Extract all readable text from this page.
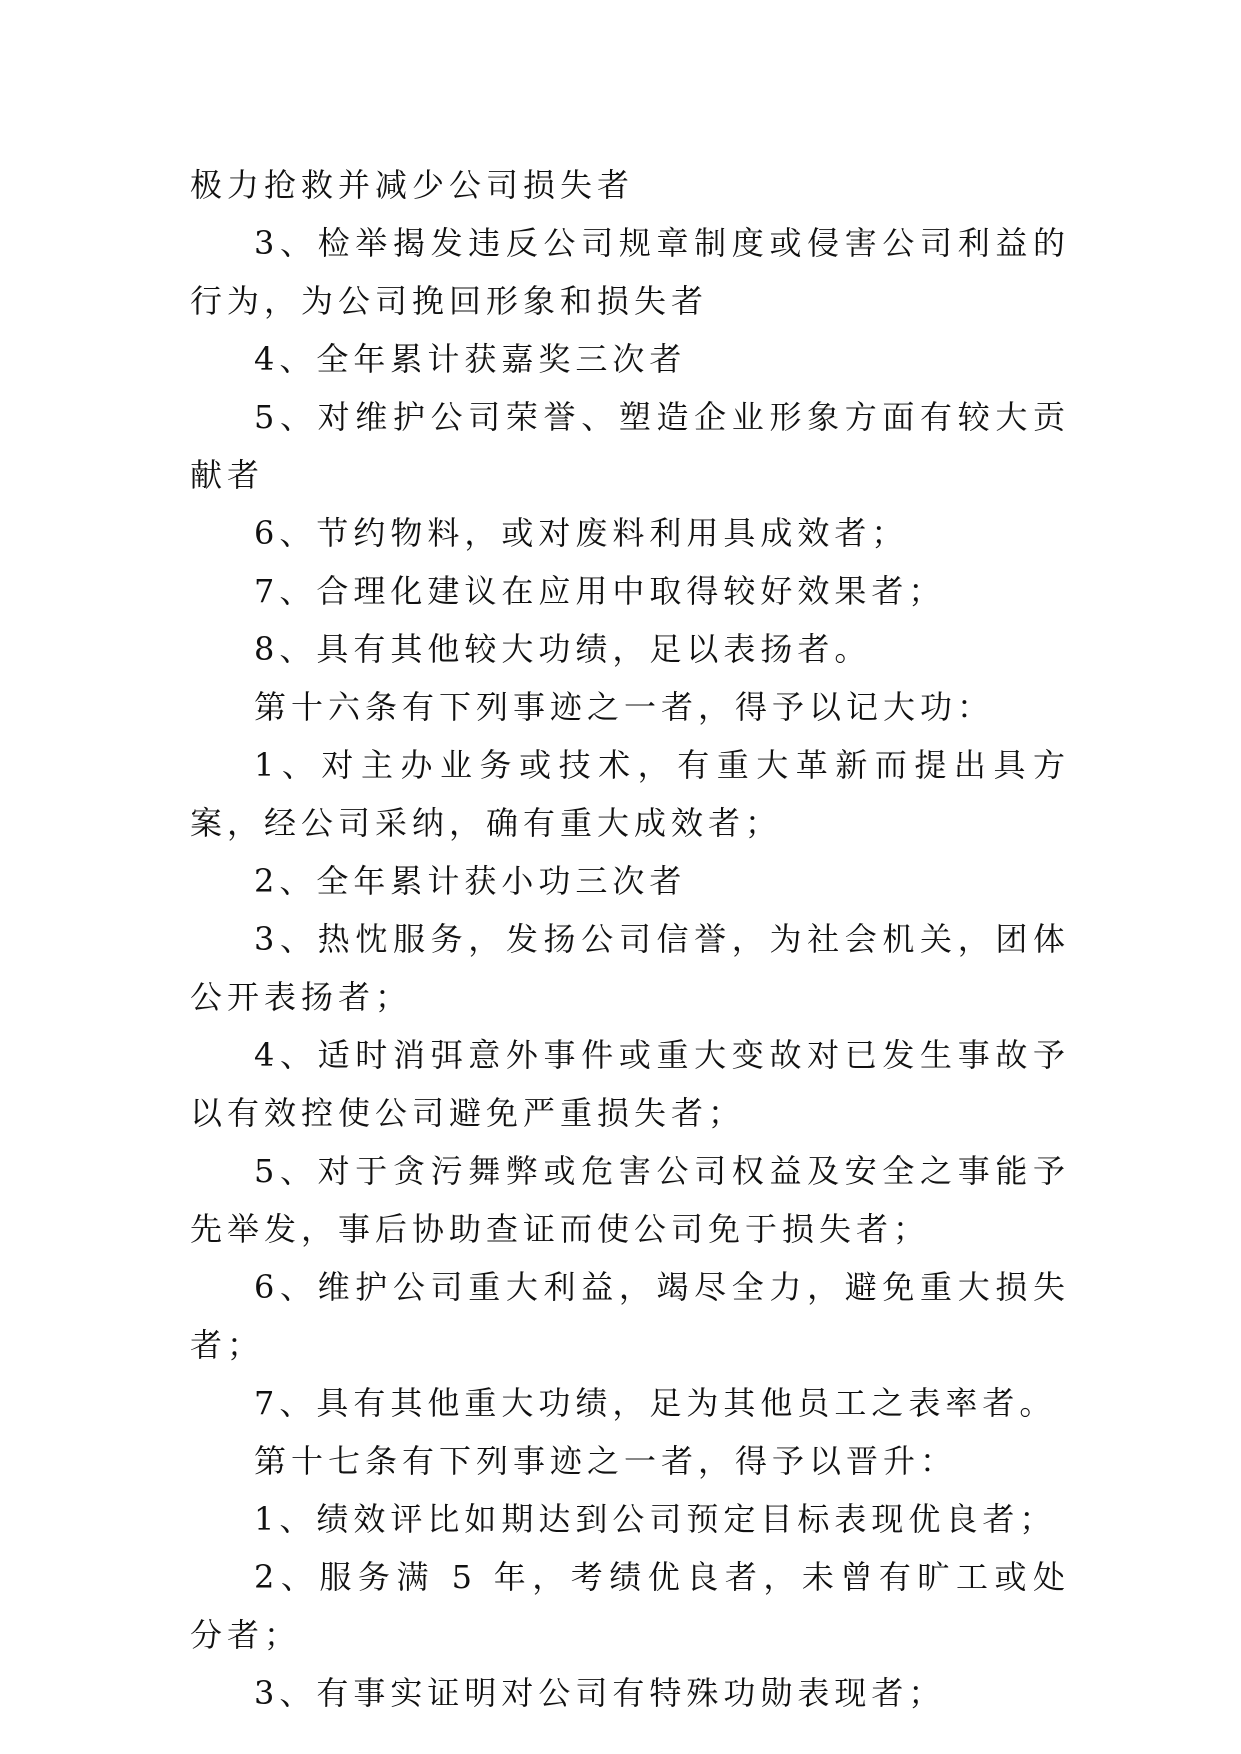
极力抢救并减少公司损失者

3、检举揭发违反公司规章制度或侵害公司利益的行为，为公司挽回形象和损失者

4、全年累计获嘉奖三次者

5、对维护公司荣誉、塑造企业形象方面有较大贡献者

6、节约物料，或对废料利用具成效者；

7、合理化建议在应用中取得较好效果者；

8、具有其他较大功绩，足以表扬者。

第十六条有下列事迹之一者，得予以记大功：

1、对主办业务或技术，有重大革新而提出具方案，经公司采纳，确有重大成效者；

2、全年累计获小功三次者

3、热忱服务，发扬公司信誉，为社会机关，团体公开表扬者；

4、适时消弭意外事件或重大变故对已发生事故予以有效控使公司避免严重损失者；

5、对于贪污舞弊或危害公司权益及安全之事能予先举发，事后协助查证而使公司免于损失者；

6、维护公司重大利益，竭尽全力，避免重大损失者；

7、具有其他重大功绩，足为其他员工之表率者。

第十七条有下列事迹之一者，得予以晋升：

1、绩效评比如期达到公司预定目标表现优良者；

2、服务满 5 年，考绩优良者，未曾有旷工或处分者；

3、有事实证明对公司有特殊功勋表现者；
